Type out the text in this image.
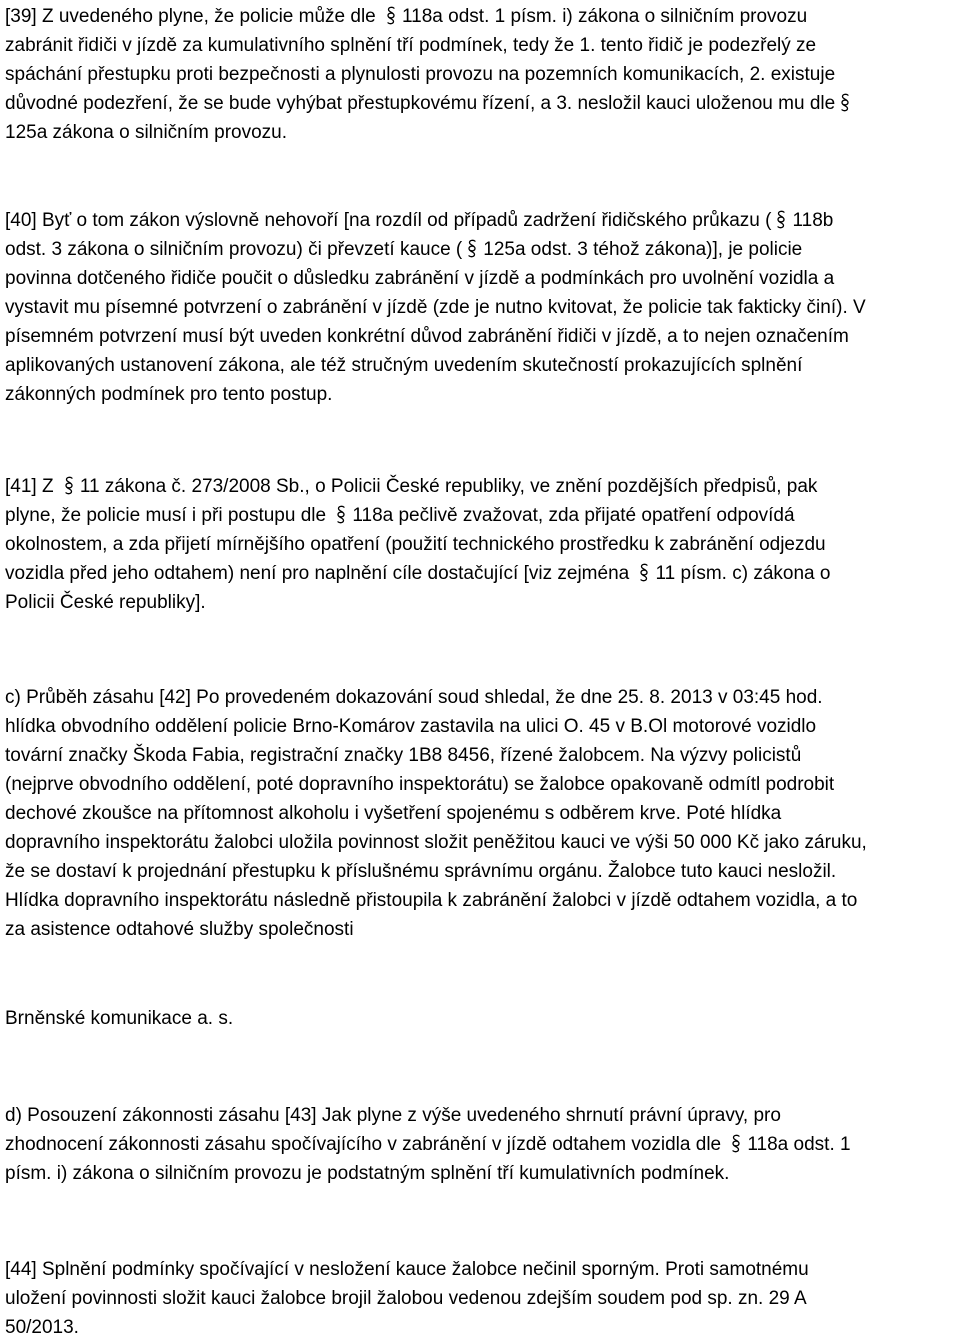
[39] Z uvedeného plyne, že policie může dle
118a odst. 1 písm. i) zákona o silničním provozu
zabránit řidiči v jízdě za kumulativního splnění tří podmínek, tedy že 1. tento řidič je podezřelý ze
spáchání přestupku proti bezpečnosti a plynulosti provozu na pozemních komunikacích, 2. existuje
důvodné podezření, že se bude vyhýbat přestupkovému řízení, a 3. nesložil kauci uloženou mu dle
125a zákona o silničním provozu.
[40] Byť o tom zákon výslovně nehovoří [na rozdíl od případů zadržení řidičského průkazu ( 118b
odst. 3 zákona o silničním provozu) či převzetí kauce ( 125a odst. 3 téhož zákona)], je policie
povinna dotčeného řidiče poučit o důsledku zabránění v jízdě a podmínkách pro uvolnění vozidla a
vystavit mu písemné potvrzení o zabránění v jízdě (zde je nutno kvitovat, že policie tak fakticky činí). V
písemném potvrzení musí být uveden konkrétní důvod zabránění řidiči v jízdě, a to nejen označením
aplikovaných ustanovení zákona, ale též stručným uvedením skutečností prokazujících splnění
zákonných podmínek pro tento postup.
[41] Z
11 zákona č. 273/2008 Sb., o Policii České republiky, ve znění pozdějších předpisů, pak
plyne, že policie musí i při postupu dle
118a pečlivě zvažovat, zda přijaté opatření odpovídá
okolnostem, a zda přijetí mírnějšího opatření (použití technického prostředku k zabránění odjezdu
vozidla před jeho odtahem) není pro naplnění cíle dostačující [viz zejména
11 písm. c) zákona o
Policii České republiky].
c) Průběh zásahu [42] Po provedeném dokazování soud shledal, že dne 25. 8. 2013 v 03:45 hod.
hlídka obvodního oddělení policie Brno-Komárov zastavila na ulici O. 45 v B.Ol motorové vozidlo
tovární značky Škoda Fabia, registrační značky 1B8 8456, řízené žalobcem. Na výzvy policistů
(nejprve obvodního oddělení, poté dopravního inspektorátu) se žalobce opakovaně odmítl podrobit
dechové zkoušce na přítomnost alkoholu i vyšetření spojenému s odběrem krve. Poté hlídka
dopravního inspektorátu žalobci uložila povinnost složit peněžitou kauci ve výši 50 000 Kč jako záruku,
že se dostaví k projednání přestupku k příslušnému správnímu orgánu. Žalobce tuto kauci nesložil.
Hlídka dopravního inspektorátu následně přistoupila k zabránění žalobci v jízdě odtahem vozidla, a to
za asistence odtahové služby společnosti
Brněnské komunikace a. s.
d) Posouzení zákonnosti zásahu [43] Jak plyne z výše uvedeného shrnutí právní úpravy, pro
zhodnocení zákonnosti zásahu spočívajícího v zabránění v jízdě odtahem vozidla dle
118a odst. 1
písm. i) zákona o silničním provozu je podstatným splnění tří kumulativních podmínek.
[44] Splnění podmínky spočívající v nesložení kauce žalobce nečinil sporným. Proti samotnému
uložení povinnosti složit kauci žalobce brojil žalobou vedenou zdejším soudem pod sp. zn. 29 A
50/2013.
